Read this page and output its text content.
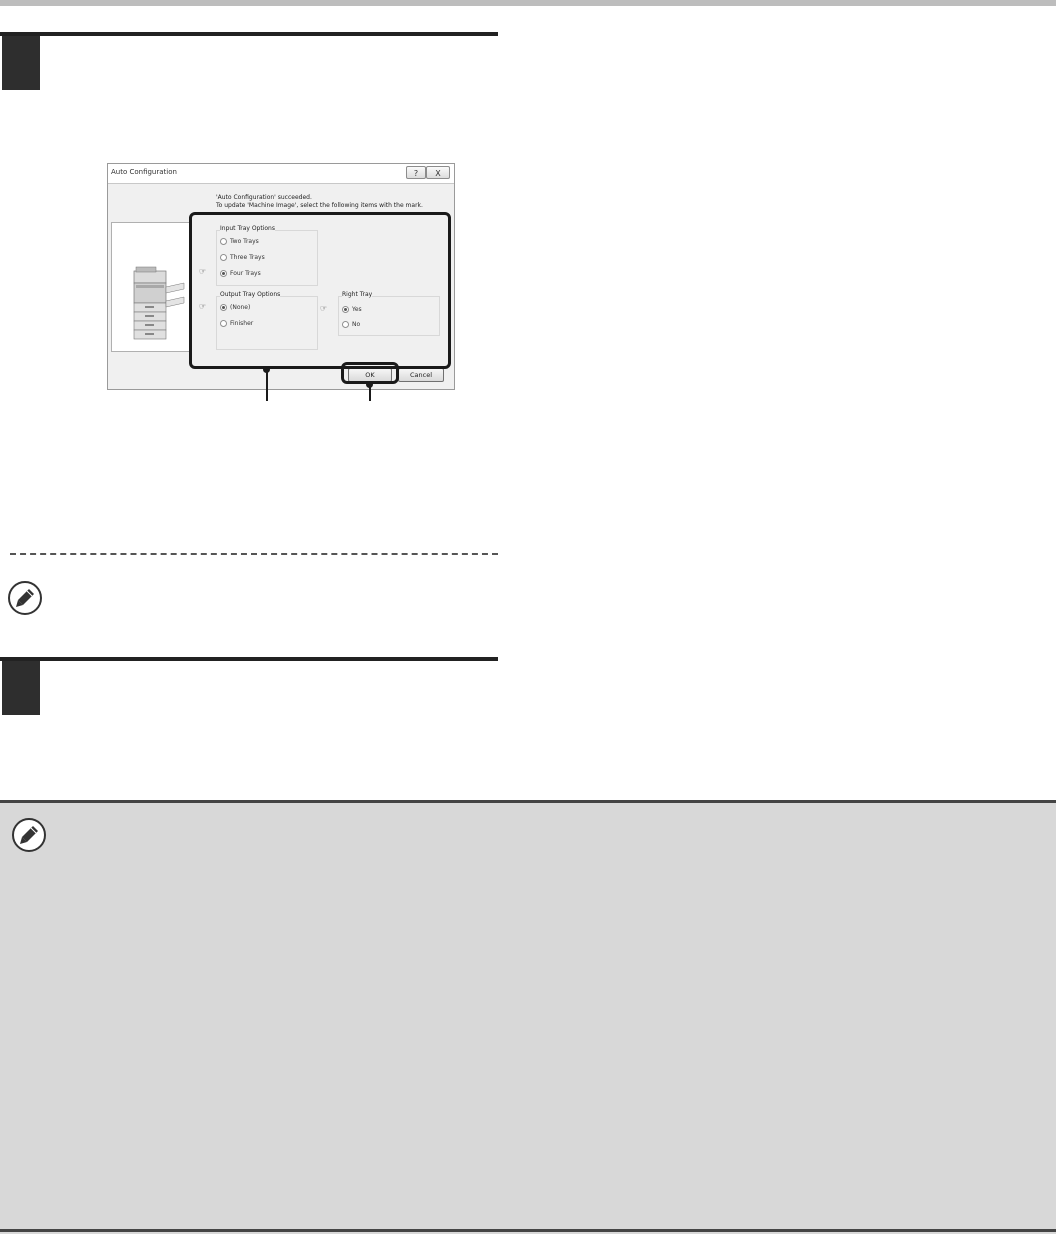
Auto Configuration	?	X
'Auto Configuration' succeeded.
To update 'Machine Image', select the following items with the mark.
Input Tray Options
Two Trays
Three Trays
☞	Four Trays
Output Tray Options
☞	(None)
Finisher
Right Tray
☞	Yes
No
OK	Cancel
